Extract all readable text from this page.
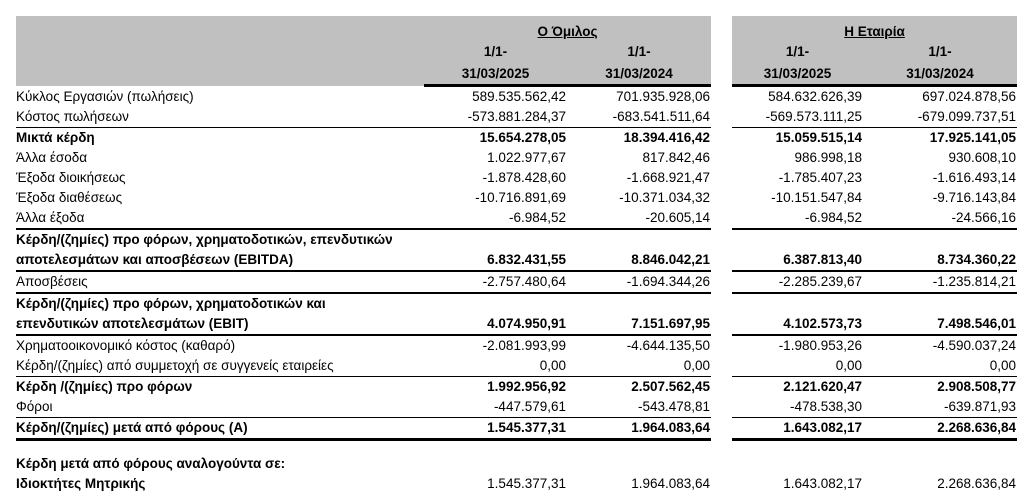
	Ο Όμιλος			Η Εταιρία	

	1/1-	1/1-		1/1-	1/1-
	31/03/2025	31/03/2024		31/03/2025	31/03/2024
Κύκλος Εργασιών (πωλήσεις)	589.535.562,42	701.935.928,06		584.632.626,39	697.024.878,56
Κόστος πωλήσεων	-573.881.284,37	-683.541.511,64		-569.573.111,25	-679.099.737,51
Μικτά κέρδη	15.654.278,05	18.394.416,42		15.059.515,14	17.925.141,05
Άλλα έσοδα	1.022.977,67	817.842,46		986.998,18	930.608,10
Έξοδα διοικήσεως	-1.878.428,60	-1.668.921,47		-1.785.407,23	-1.616.493,14
Έξοδα διαθέσεως	-10.716.891,69	-10.371.034,32		-10.151.547,84	-9.716.143,84
Άλλα έξοδα	-6.984,52	-20.605,14		-6.984,52	-24.566,16

Κέρδη/(ζημίες) προ φόρων, χρηματοδοτικών, επενδυτικών
αποτελεσμάτων και αποσβέσεων (EBITDA)	6.832.431,55	8.846.042,21		6.387.813,40	8.734.360,22
Αποσβέσεις	-2.757.480,64	-1.694.344,26		-2.285.239,67	-1.235.814,21

Κέρδη/(ζημίες) προ φόρων, χρηματοδοτικών και
επενδυτικών αποτελεσμάτων (EBIT)	4.074.950,91	7.151.697,95		4.102.573,73	7.498.546,01
Χρηματοοικονομικό κόστος (καθαρό)	-2.081.993,99	-4.644.135,50		-1.980.953,26	-4.590.037,24
Κέρδη/(ζημίες) από συμμετοχή σε συγγενείς εταιρείες	0,00	0,00		0,00	0,00
Κέρδη /(ζημίες) προ φόρων	1.992.956,92	2.507.562,45		2.121.620,47	2.908.508,77
Φόροι	-447.579,61	-543.478,81		-478.538,30	-639.871,93
Κέρδη/(ζημίες) μετά από φόρους (Α)	1.545.377,31	1.964.083,64		1.643.082,17	2.268.636,84

Κέρδη μετά από φόρους αναλογούντα σε:					
Ιδιοκτήτες Μητρικής	1.545.377,31	1.964.083,64		1.643.082,17	2.268.636,84
